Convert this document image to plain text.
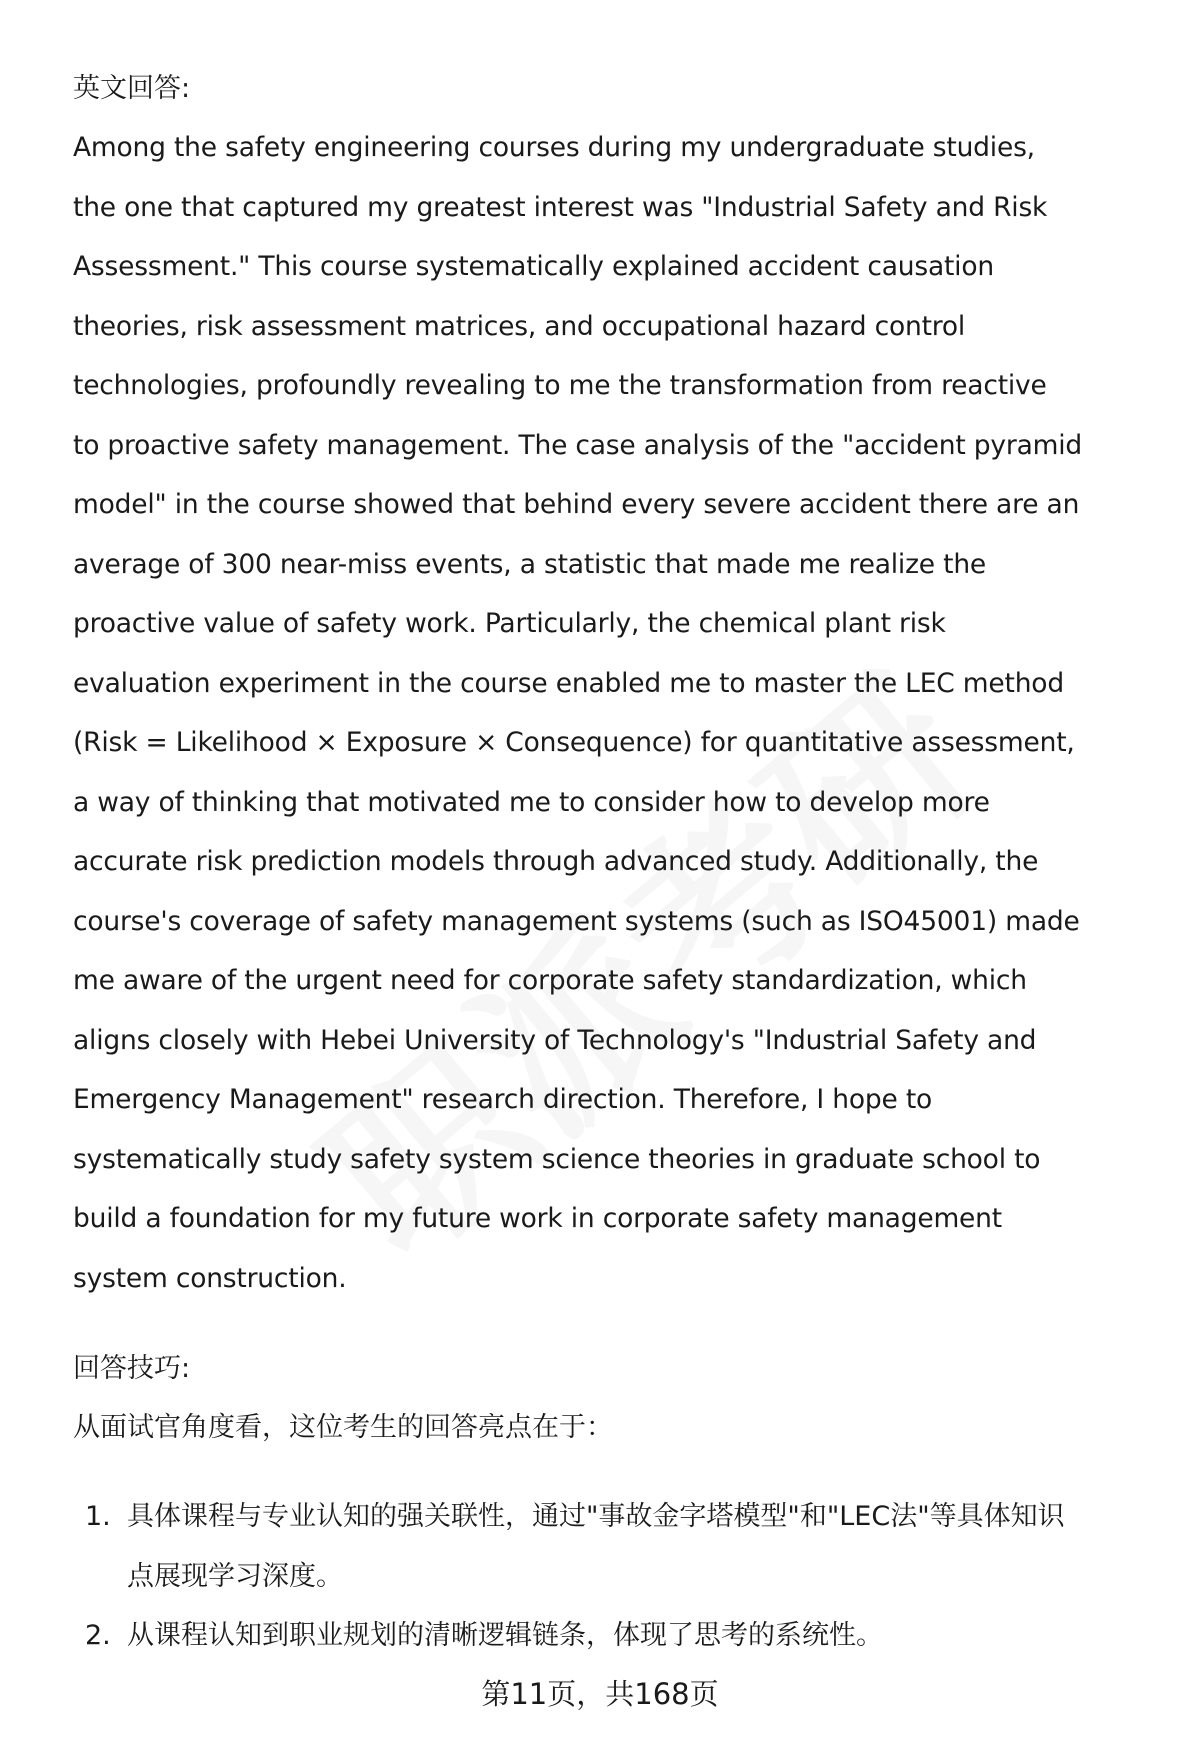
英文回答:
Among the safety engineering courses during my undergraduate studies,
the one that captured my greatest interest was "Industrial Safety and Risk
Assessment." This course systematically explained accident causation
theories, risk assessment matrices, and occupational hazard control
technologies, profoundly revealing to me the transformation from reactive
to proactive safety management. The case analysis of the "accident pyramid
model" in the course showed that behind every severe accident there are an
average of 300 near-miss events, a statistic that made me realize the
proactive value of safety work. Particularly, the chemical plant risk
evaluation experiment in the course enabled me to master the LEC method
(Risk = Likelihood × Exposure × Consequence) for quantitative assessment,
a way of thinking that motivated me to consider how to develop more
accurate risk prediction models through advanced study. Additionally, the
course's coverage of safety management systems (such as ISO45001) made
me aware of the urgent need for corporate safety standardization, which
aligns closely with Hebei University of Technology's "Industrial Safety and
Emergency Management" research direction. Therefore, I hope to
systematically study safety system science theories in graduate school to
build a foundation for my future work in corporate safety management
system construction.
回答技巧:
从面试官角度看，这位考生的回答亮点在于：
1. 具体课程与专业认知的强关联性，通过"事故金字塔模型"和"LEC法"等具体知识
点展现学习深度。
2. 从课程认知到职业规划的清晰逻辑链条，体现了思考的系统性。
第11页，共168页
